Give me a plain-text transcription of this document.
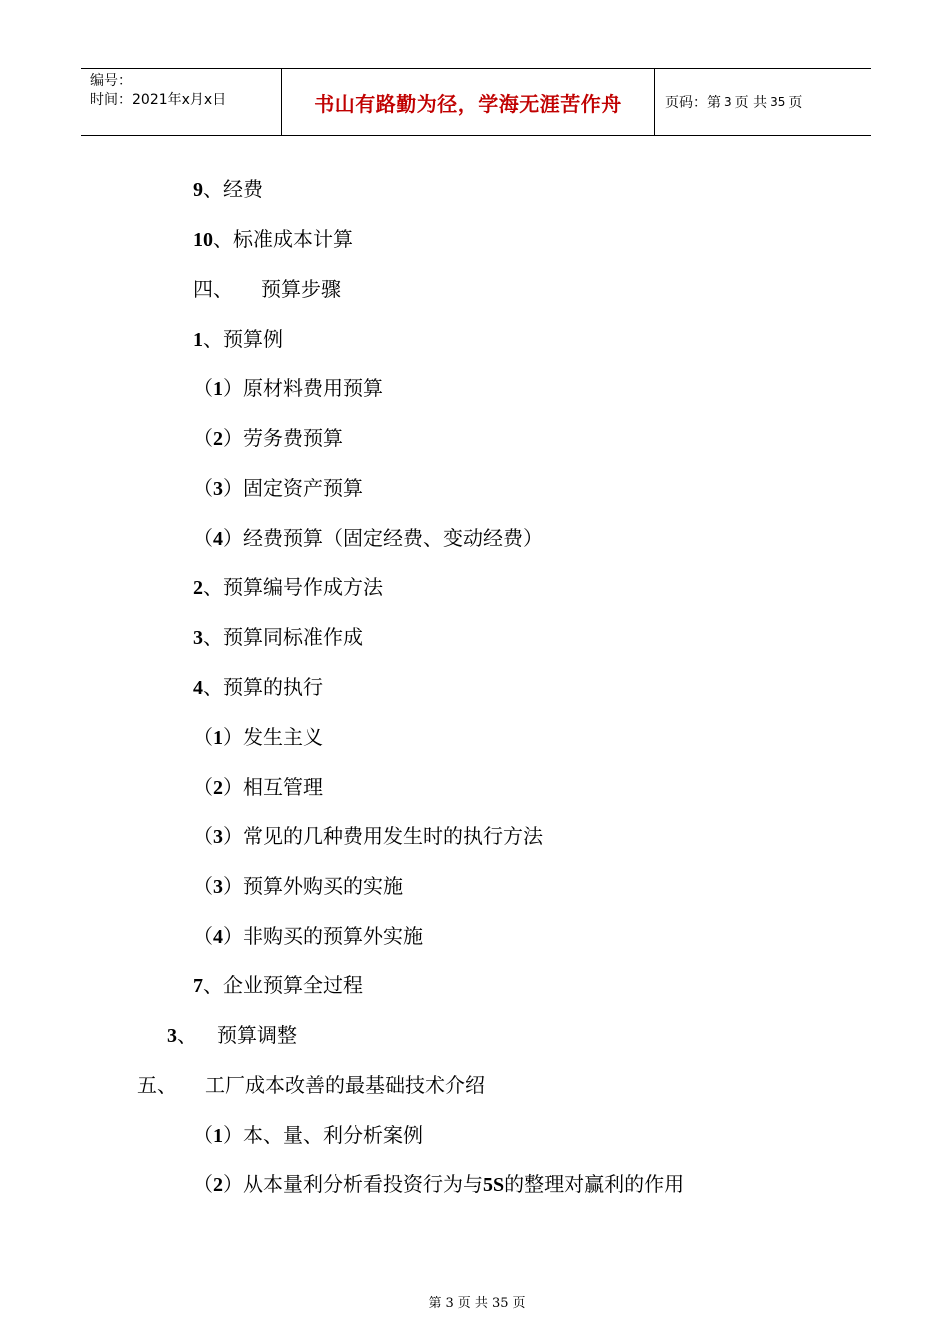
编号：
时间：2021年x月x日	书山有路勤为径，学海无涯苦作舟	页码：第 3 页 共 35 页
9、经费
10、标准成本计算
四、 预算步骤
1、预算例
（1）原材料费用预算
（2）劳务费预算
（3）固定资产预算
（4）经费预算（固定经费、变动经费）
2、预算编号作成方法
3、预算同标准作成
4、预算的执行
（1）发生主义
（2）相互管理
（3）常见的几种费用发生时的执行方法
（3）预算外购买的实施
（4）非购买的预算外实施
7、企业预算全过程
3、 预算调整
五、 工厂成本改善的最基础技术介绍
（1）本、量、利分析案例
（2）从本量利分析看投资行为与5S的整理对赢利的作用
第 3 页 共 35 页
